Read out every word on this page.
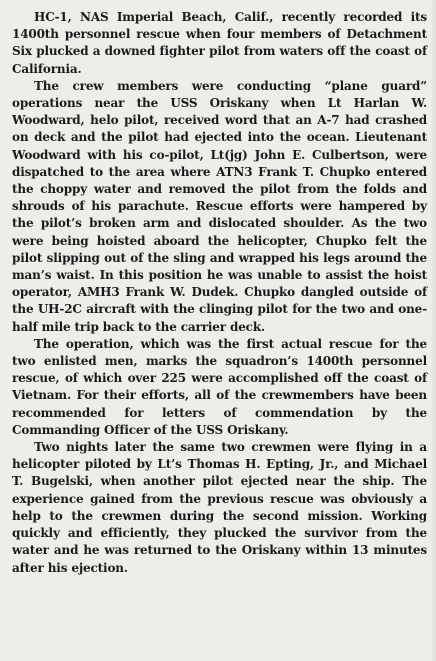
HC-1, NAS Imperial Beach, Calif., recently recorded its 1400th personnel rescue when four members of Detachment Six plucked a downed fighter pilot from waters off the coast of California.

The crew members were conducting “plane guard” operations near the USS Oriskany when Lt Harlan W. Woodward, helo pilot, received word that an A-7 had crashed on deck and the pilot had ejected into the ocean. Lieutenant Woodward with his co-pilot, Lt(jg) John E. Culbertson, were dispatched to the area where ATN3 Frank T. Chupko entered the choppy water and removed the pilot from the folds and shrouds of his parachute. Rescue efforts were hampered by the pilot’s broken arm and dislocated shoulder. As the two were being hoisted aboard the helicopter, Chupko felt the pilot slipping out of the sling and wrapped his legs around the man’s waist. In this position he was unable to assist the hoist operator, AMH3 Frank W. Dudek. Chupko dangled outside of the UH-2C aircraft with the clinging pilot for the two and one-half mile trip back to the carrier deck.

The operation, which was the first actual rescue for the two enlisted men, marks the squadron’s 1400th personnel rescue, of which over 225 were accomplished off the coast of Vietnam. For their efforts, all of the crewmembers have been recommended for letters of commendation by the Commanding Officer of the USS Oriskany.

Two nights later the same two crewmen were flying in a helicopter piloted by Lt’s Thomas H. Epting, Jr., and Michael T. Bugelski, when another pilot ejected near the ship. The experience gained from the previous rescue was obviously a help to the crewmen during the second mission. Working quickly and efficiently, they plucked the survivor from the water and he was returned to the Oriskany within 13 minutes after his ejection.
